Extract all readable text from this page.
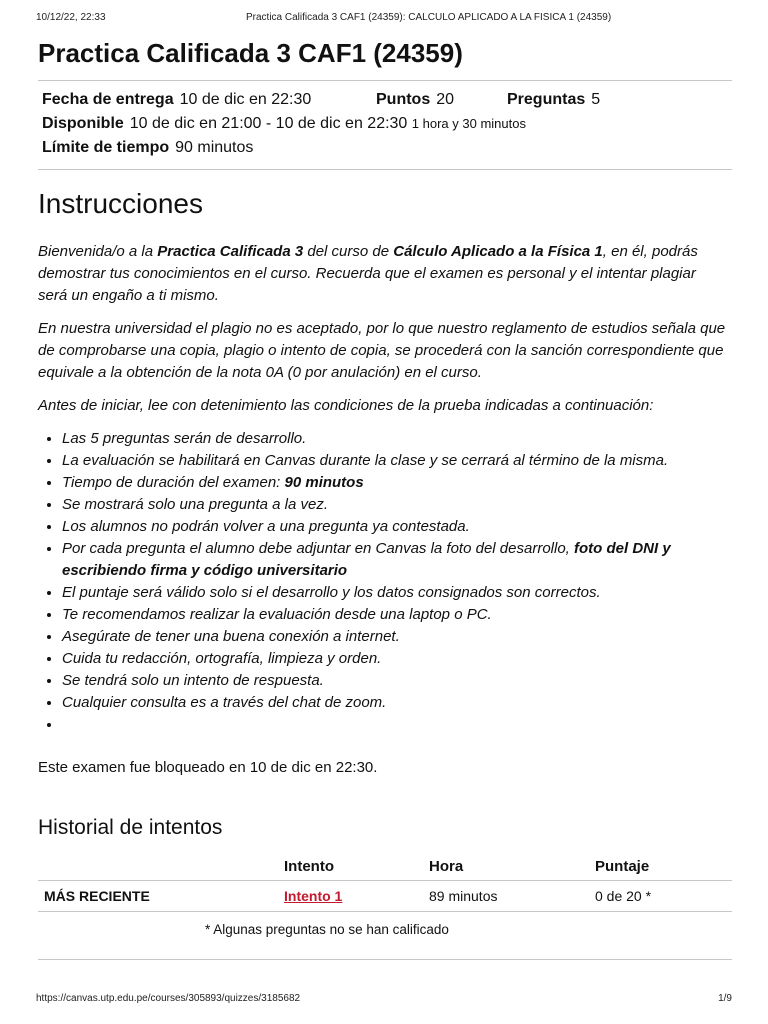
10/12/22, 22:33	Practica Calificada 3 CAF1 (24359): CALCULO APLICADO A LA FISICA 1 (24359)
Practica Calificada 3 CAF1 (24359)
Fecha de entrega 10 de dic en 22:30	Puntos 20	Preguntas 5
Disponible 10 de dic en 21:00 - 10 de dic en 22:30 1 hora y 30 minutos
Límite de tiempo 90 minutos
Instrucciones

Bienvenida/o a la Practica Calificada 3 del curso de Cálculo Aplicado a la Física 1, en él, podrás demostrar tus conocimientos en el curso. Recuerda que el examen es personal y el intentar plagiar será un engaño a ti mismo.

En nuestra universidad el plagio no es aceptado, por lo que nuestro reglamento de estudios señala que de comprobarse una copia, plagio o intento de copia, se procederá con la sanción correspondiente que equivale a la obtención de la nota 0A (0 por anulación) en el curso.

Antes de iniciar, lee con detenimiento las condiciones de la prueba indicadas a continuación:

• Las 5 preguntas serán de desarrollo.
• La evaluación se habilitará en Canvas durante la clase y se cerrará al término de la misma.
• Tiempo de duración del examen: 90 minutos
• Se mostrará solo una pregunta a la vez.
• Los alumnos no podrán volver a una pregunta ya contestada.
• Por cada pregunta el alumno debe adjuntar en Canvas la foto del desarrollo, foto del DNI y escribiendo firma y código universitario
• El puntaje será válido solo si el desarrollo y los datos consignados son correctos.
• Te recomendamos realizar la evaluación desde una laptop o PC.
• Asegúrate de tener una buena conexión a internet.
• Cuida tu redacción, ortografía, limpieza y orden.
• Se tendrá solo un intento de respuesta.
• Cualquier consulta es a través del chat de zoom.
•

Este examen fue bloqueado en 10 de dic en 22:30.

Historial de intentos
	Intento	Hora	Puntaje
MÁS RECIENTE	Intento 1	89 minutos	0 de 20 *
* Algunas preguntas no se han calificado
https://canvas.utp.edu.pe/courses/305893/quizzes/3185682	1/9
